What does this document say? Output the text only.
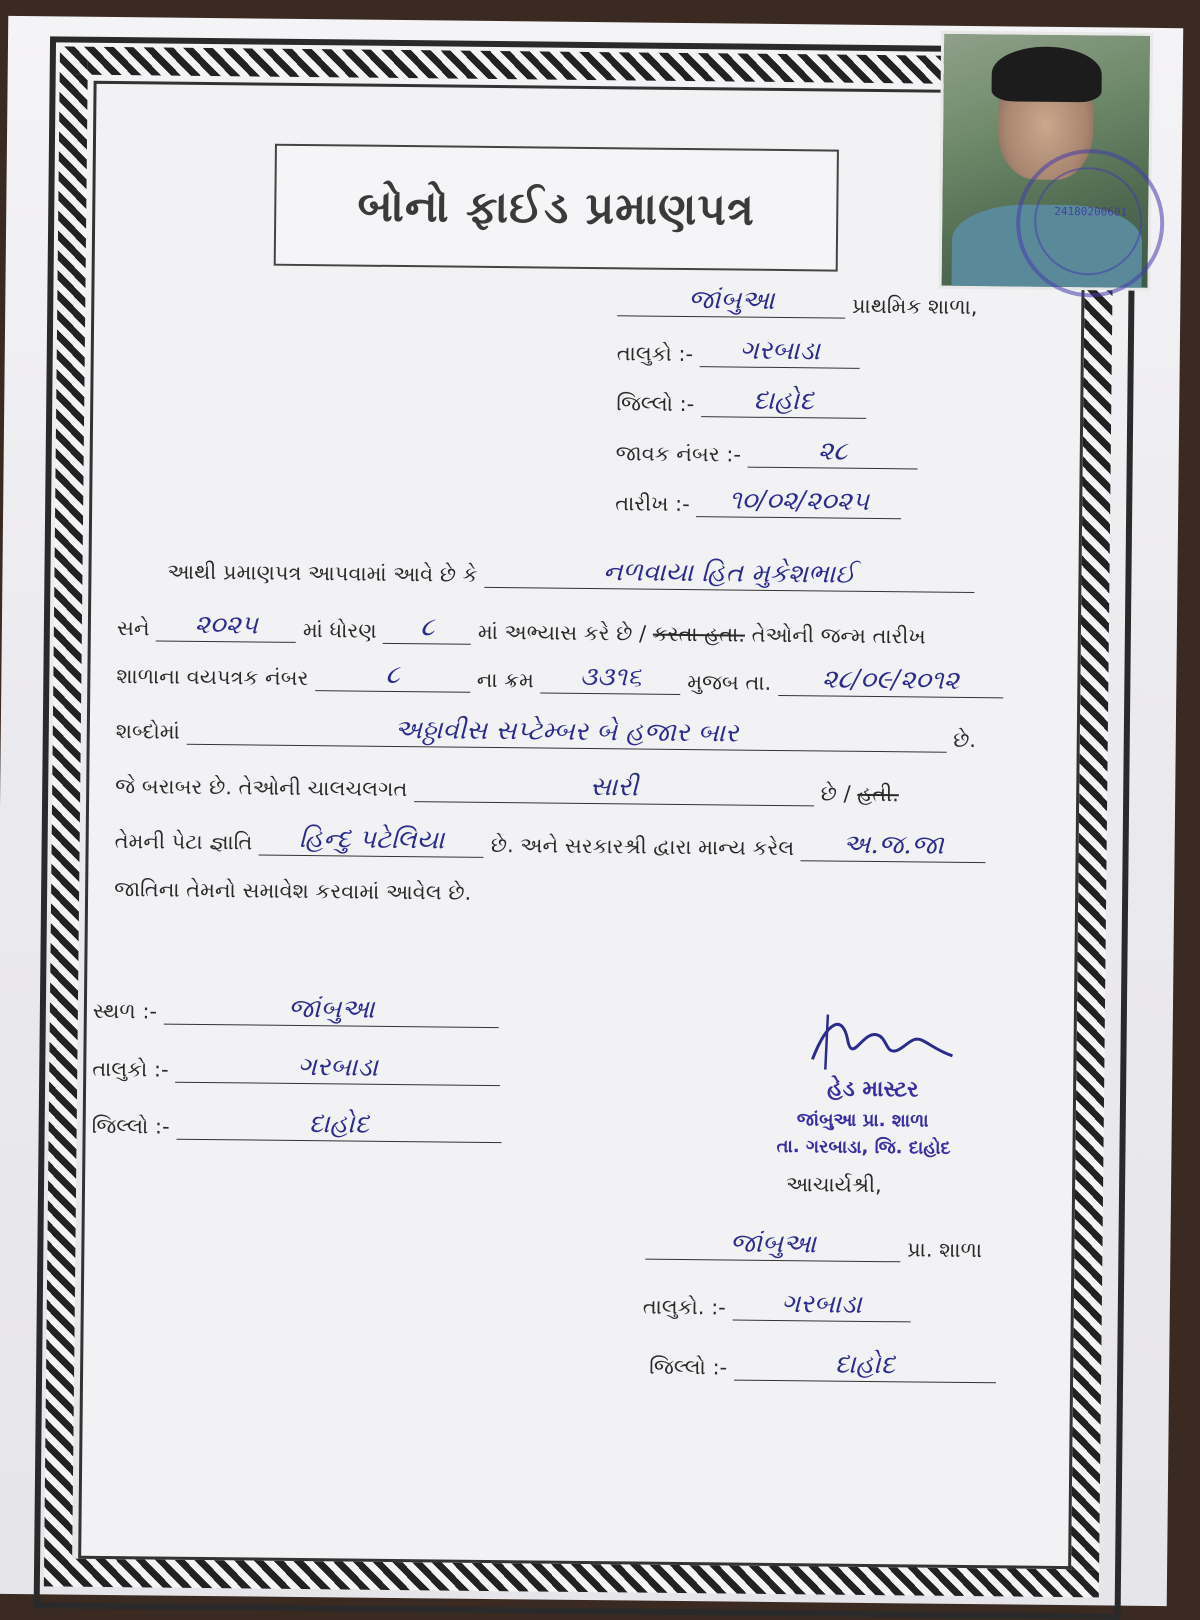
બોનો ફાઈડ પ્રમાણપત્ર
જાંબુઆ	પ્રાથમિક શાળા,
તાલુકો :- ગરબાડા
જિલ્લો :- દાહોદ
જાવક નંબર :-	૨૮
તારીખ :- ૧૦/૦૨/૨૦૨૫
આથી પ્રમાણપત્ર આપવામાં આવે છે કે	નળવાયા હિત મુકેશભાઈ
સને ૨૦૨૫ માં ધોરણ ૮ માં અભ્યાસ કરે છે / કરતા હતા. તેઓની જન્મ તારીખ
શાળાના વયપત્રક નંબર	૮	ના ક્રમ ૩૩૧૬ મુજબ તા. ૨૮/૦૯/૨૦૧૨
શબ્દોમાં	અઠ્ઠાવીસ સપ્ટેમ્બર બે હજાર બાર	છે.
જે બરાબર છે. તેઓની ચાલચલગત	સારી	છે / હતી.
તેમની પેટા જ્ઞાતિ હિન્દુ પટેલિયા છે. અને સરકારશ્રી દ્વારા માન્ય કરેલ અ.જ.જા
જાતિના તેમનો સમાવેશ કરવામાં આવેલ છે.
સ્થળ :-	જાંબુઆ
તાલુકો :-	ગરબાડા
જિલ્લો :-	દાહોદ
હેડ માસ્ટર
જાંબુઆ પ્રા. શાળા
તા. ગરબાડા, જિ. દાહોદ
આચાર્યશ્રી,
જાંબુઆ	પ્રા. શાળા
તાલુકો. :- ગરબાડા
જિલ્લો :-	દાહોદ
24180200601
